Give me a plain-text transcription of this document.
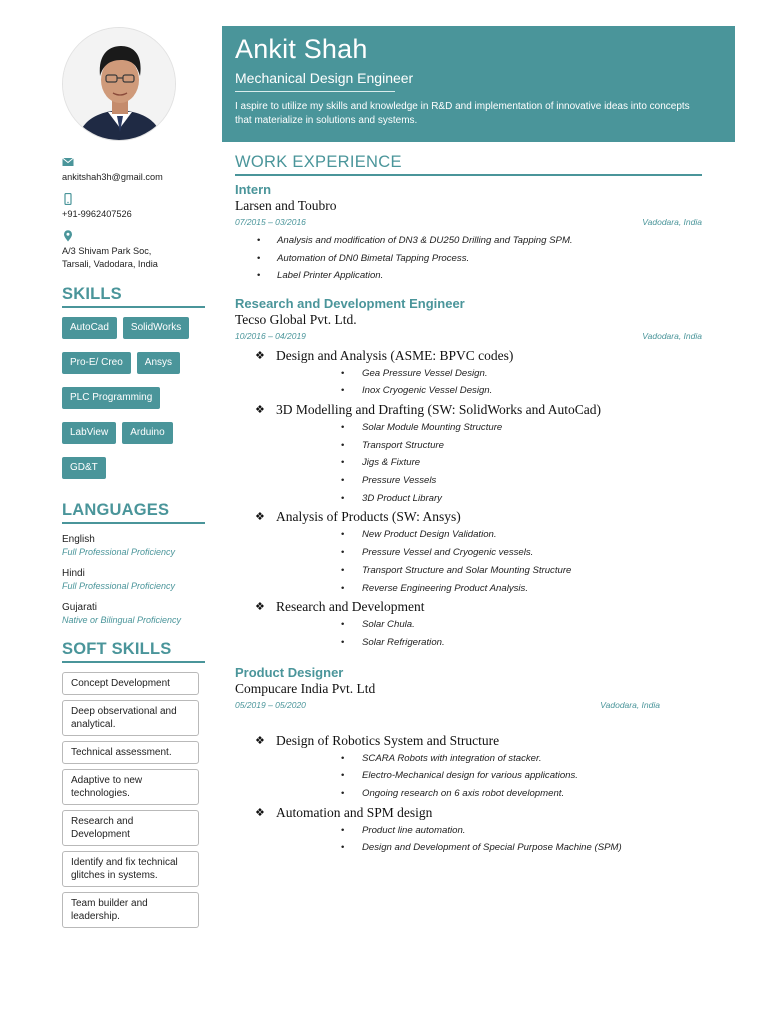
Ankit Shah
Mechanical Design Engineer
I aspire to utilize my skills and knowledge in R&D and implementation of innovative ideas into concepts that materialize in solutions and systems.
ankitshah3h@gmail.com
+91-9962407526
A/3 Shivam Park Soc,
Tarsali, Vadodara, India
SKILLS
AutoCad	SolidWorks
Pro-E/ Creo	Ansys
PLC Programming
LabView	Arduino
GD&T
LANGUAGES
English
Full Professional Proficiency
Hindi
Full Professional Proficiency
Gujarati
Native or Bilingual Proficiency
SOFT SKILLS
Concept Development
Deep observational and analytical.
Technical assessment.
Adaptive to new technologies.
Research and Development
Identify and fix technical glitches in systems.
Team builder and leadership.
WORK EXPERIENCE
Intern
Larsen and Toubro
07/2015 – 03/2016	Vadodara, India
• Analysis and modification of DN3 & DU250 Drilling and Tapping SPM.
• Automation of DN0 Bimetal Tapping Process.
• Label Printer Application.
Research and Development Engineer
Tecso Global Pvt. Ltd.
10/2016 – 04/2019	Vadodara, India
❖ Design and Analysis (ASME: BPVC codes)
• Gea Pressure Vessel Design.
• Inox Cryogenic Vessel Design.
❖ 3D Modelling and Drafting (SW: SolidWorks and AutoCad)
• Solar Module Mounting Structure
• Transport Structure
• Jigs & Fixture
• Pressure Vessels
• 3D Product Library
❖ Analysis of Products (SW: Ansys)
• New Product Design Validation.
• Pressure Vessel and Cryogenic vessels.
• Transport Structure and Solar Mounting Structure
• Reverse Engineering Product Analysis.
❖ Research and Development
• Solar Chula.
• Solar Refrigeration.
Product Designer
Compucare India Pvt. Ltd
05/2019 – 05/2020	Vadodara, India
❖ Design of Robotics System and Structure
• SCARA Robots with integration of stacker.
• Electro-Mechanical design for various applications.
• Ongoing research on 6 axis robot development.
❖ Automation and SPM design
• Product line automation.
• Design and Development of Special Purpose Machine (SPM)
